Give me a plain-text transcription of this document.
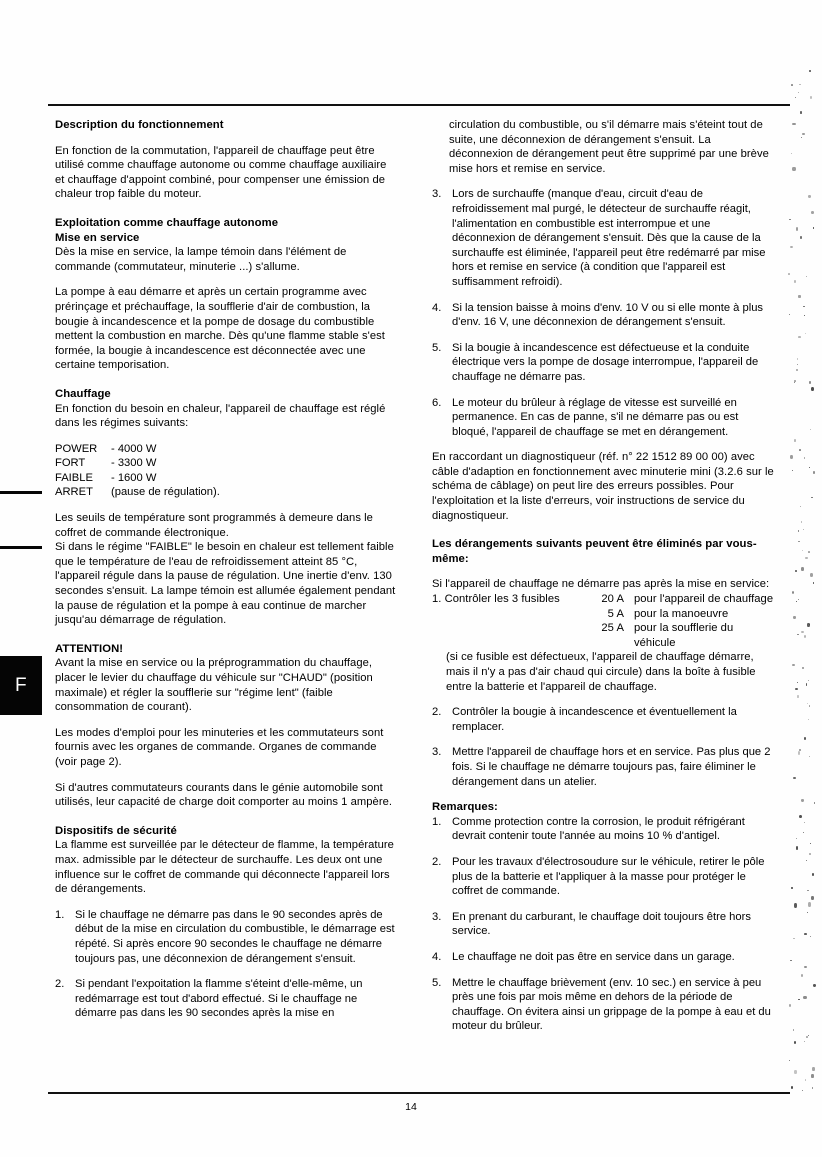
F
Description du fonctionnement

En fonction de la commutation, l'appareil de chauffage peut être utilisé comme chauffage autonome ou comme chauffage auxiliaire et chauffage d'appoint combiné, pour compenser une émission de chaleur trop faible du moteur.

Exploitation comme chauffage autonome
Mise en service

Dès la mise en service, la lampe témoin dans l'élément de commande (commutateur, minuterie ...) s'allume.

La pompe à eau démarre et après un certain programme avec prérinçage et préchauffage, la soufflerie d'air de combustion, la bougie à incandescence et la pompe de dosage du combustible mettent la combustion en marche. Dès qu'une flamme stable s'est formée, la bougie à incandescence est déconnectée avec une certaine temporisation.

Chauffage

En fonction du besoin en chaleur, l'appareil de chauffage est réglé dans les régimes suivants:

POWER	- 4000 W
FORT	- 3300 W
FAIBLE	- 1600 W
ARRET	(pause de régulation).

Les seuils de température sont programmés à demeure dans le coffret de commande électronique.

Si dans le régime "FAIBLE" le besoin en chaleur est tellement faible que le température de l'eau de refroidissement atteint 85 °C, l'appareil régule dans la pause de régulation. Une inertie d'env. 130 secondes s'ensuit. La lampe témoin est allumée également pendant la pause de régulation et la pompe à eau continue de marcher jusqu'au démarrage de régulation.

ATTENTION!

Avant la mise en service ou la préprogrammation du chauffage, placer le levier du chauffage du véhicule sur "CHAUD" (position maximale) et régler la soufflerie sur "régime lent" (faible consommation de courant).

Les modes d'emploi pour les minuteries et les commutateurs sont fournis avec les organes de commande. Organes de commande (voir page 2).

Si d'autres commutateurs courants dans le génie automobile sont utilisés, leur capacité de charge doit comporter au moins 1 ampère.

Dispositifs de sécurité

La flamme est surveillée par le détecteur de flamme, la température max. admissible par le détecteur de surchauffe. Les deux ont une influence sur le coffret de commande qui déconnecte l'appareil lors de dérangements.

1. Si le chauffage ne démarre pas dans le 90 secondes après de début de la mise en circulation du combustible, le démarrage est répété. Si après encore 90 secondes le chauffage ne démarre toujours pas, une déconnexion de dérangement s'ensuit.
2. Si pendant l'expoitation la flamme s'éteint d'elle-même, un redémarrage est tout d'abord effectué. Si le chauffage ne démarre pas dans les 90 secondes après la mise en

circulation du combustible, ou s'il démarre mais s'éteint tout de suite, une déconnexion de dérangement s'ensuit. La déconnexion de dérangement peut être supprimé par une brève mise hors et remise en service.

3. Lors de surchauffe (manque d'eau, circuit d'eau de refroidissement mal purgé, le détecteur de surchauffe réagit, l'alimentation en combustible est interrompue et une déconnexion de dérangement s'ensuit. Dès que la cause de la surchauffe est éliminée, l'appareil peut être redémarré par mise hors et remise en service (à condition que l'appareil est suffisamment refroidi).
4. Si la tension baisse à moins d'env. 10 V ou si elle monte à plus d'env. 16 V, une déconnexion de dérangement s'ensuit.
5. Si la bougie à incandescence est défectueuse et la conduite électrique vers la pompe de dosage interrompue, l'appareil de chauffage ne démarre pas.
6. Le moteur du brûleur à réglage de vitesse est surveillé en permanence. En cas de panne, s'il ne démarre pas ou est bloqué, l'appareil de chauffage se met en dérangement.

En raccordant un diagnostiqueur (réf. n° 22 1512 89 00 00) avec câble d'adaption en fonctionnement avec minuterie mini (3.2.6 sur le schéma de câblage) on peut lire des erreurs possibles. Pour l'exploitation et la liste d'erreurs, voir instructions de service du diagnostiqueur.

Les dérangements suivants peuvent être éliminés par vous-même:

Si l'appareil de chauffage ne démarre pas après la mise en service:

1. Contrôler les 3 fusibles	20 A	pour l'appareil de chauffage
	5 A	pour la manoeuvre
	25 A	pour la soufflerie du véhicule
(si ce fusible est défectueux, l'appareil de chauffage démarre, mais il n'y a pas d'air chaud qui circule) dans la boîte à fusible entre la batterie et l'appareil de chauffage.
2. Contrôler la bougie à incandescence et éventuellement la remplacer.
3. Mettre l'appareil de chauffage hors et en service. Pas plus que 2 fois. Si le chauffage ne démarre toujours pas, faire éliminer le dérangement dans un atelier.
Remarques:
1. Comme protection contre la corrosion, le produit réfrigérant devrait contenir toute l'année au moins 10 % d'antigel.
2. Pour les travaux d'électrosoudure sur le véhicule, retirer le pôle plus de la batterie et l'appliquer à la masse pour protéger le coffret de commande.
3. En prenant du carburant, le chauffage doit toujours être hors service.
4. Le chauffage ne doit pas être en service dans un garage.
5. Mettre le chauffage brièvement (env. 10 sec.) en service à peu près une fois par mois même en dehors de la période de chauffage. On évitera ainsi un grippage de la pompe à eau et du moteur du brûleur.
14
